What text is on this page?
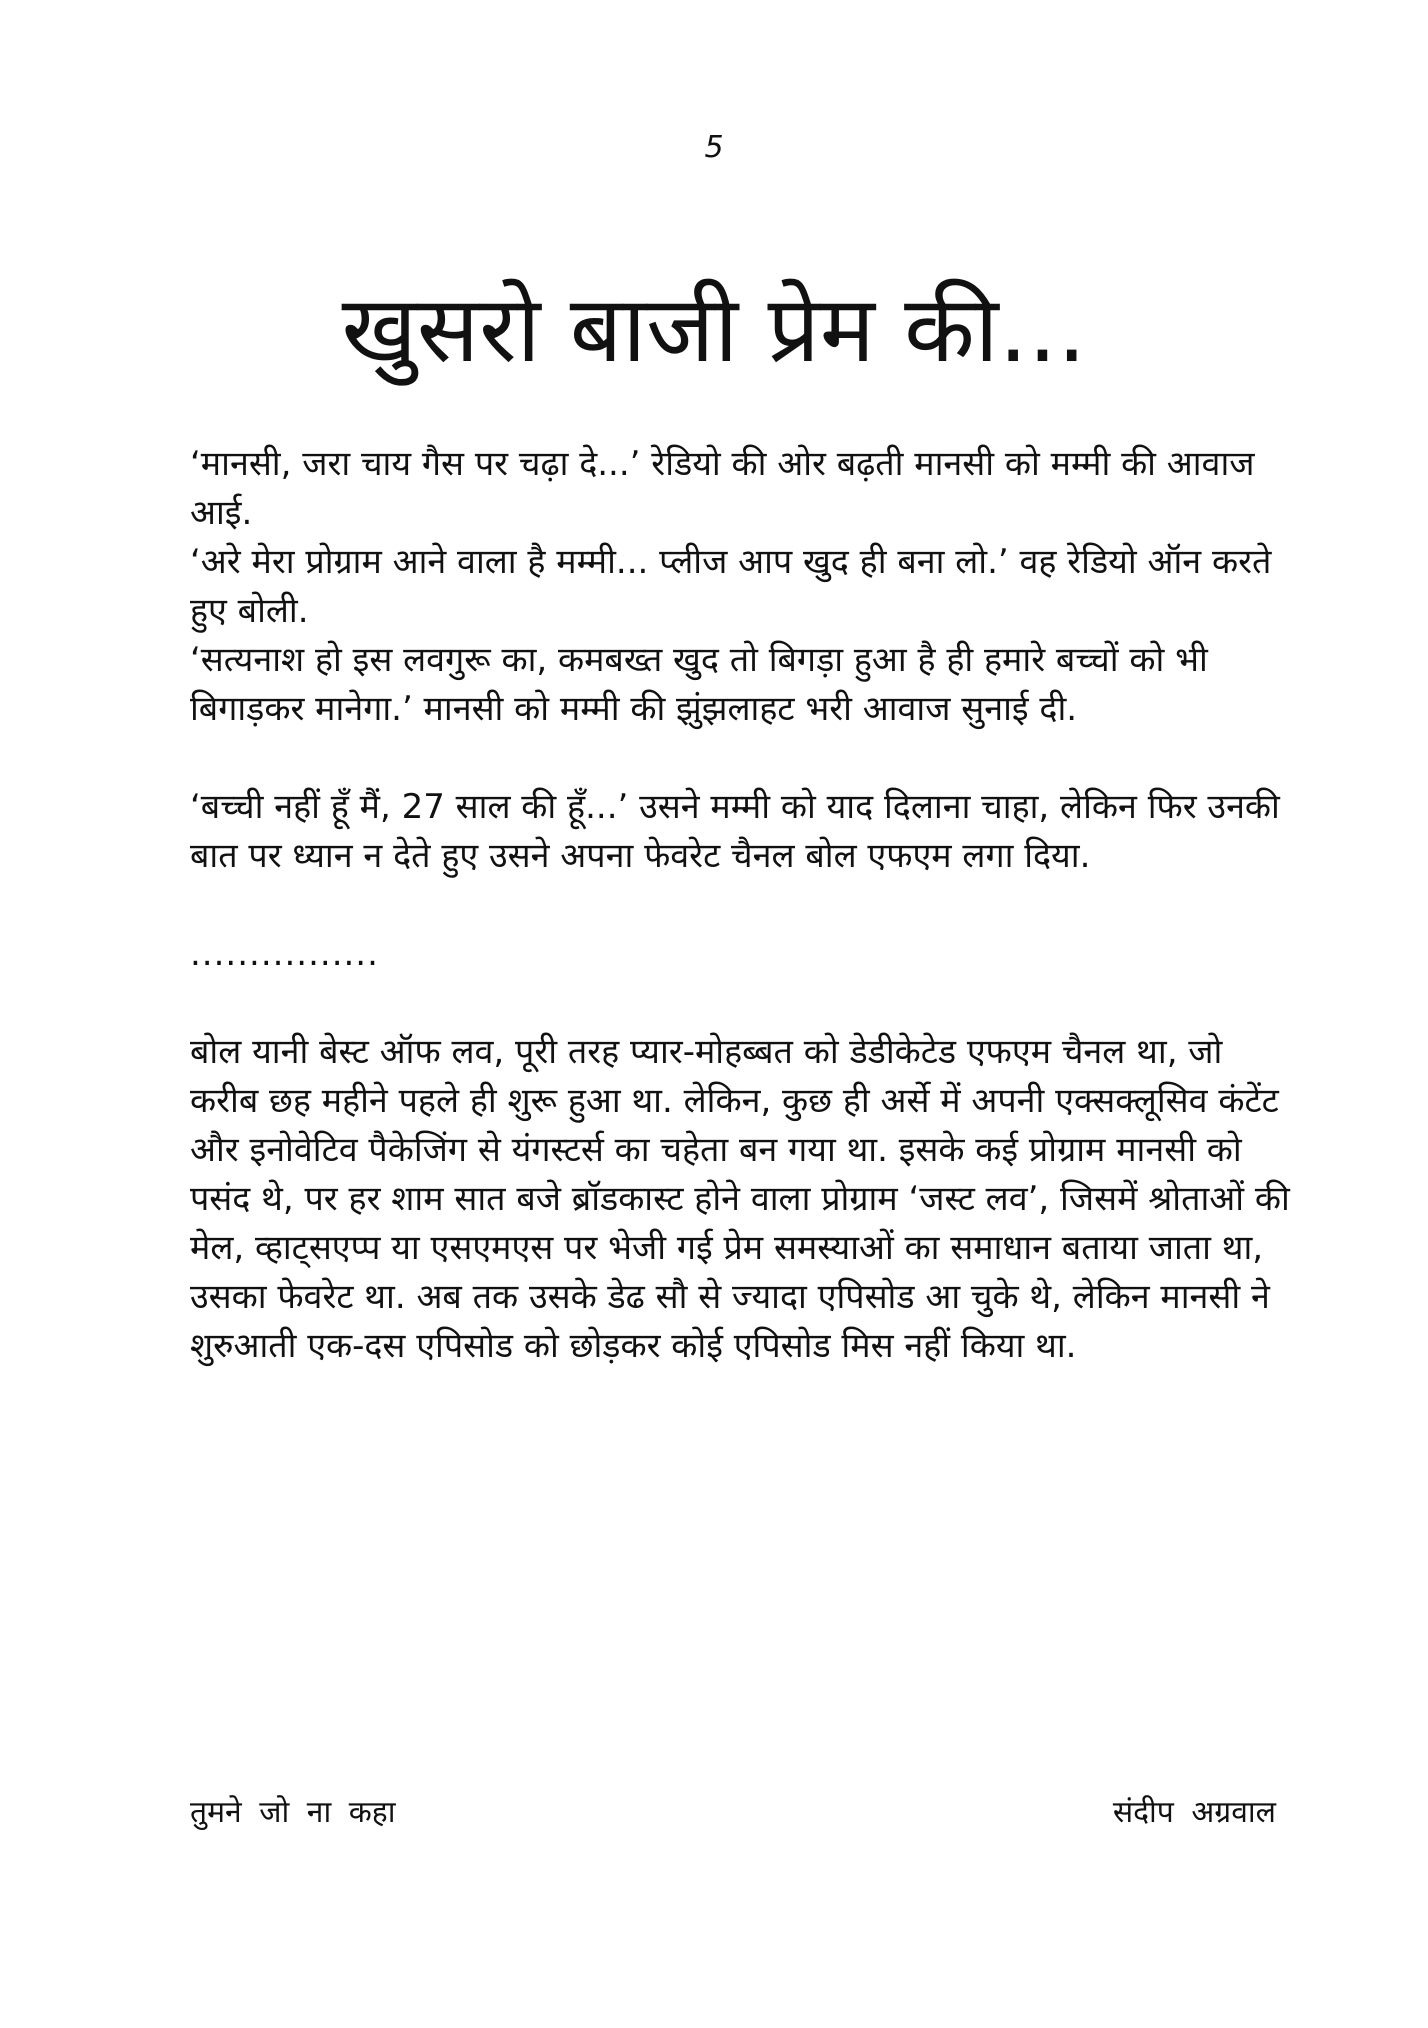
5
खुसरो बाजी प्रेम की...

‘मानसी, जरा चाय गैस पर चढ़ा दे...’ रेडियो की ओर बढ़ती मानसी को मम्मी की आवाज आई.

‘अरे मेरा प्रोग्राम आने वाला है मम्मी... प्लीज आप खुद ही बना लो.’ वह रेडियो ऑन करते हुए बोली.

‘सत्यनाश हो इस लवगुरू का, कमबख्त खुद तो बिगड़ा हुआ है ही हमारे बच्चों को भी बिगाड़कर मानेगा.’ मानसी को मम्मी की झुंझलाहट भरी आवाज सुनाई दी.

‘बच्ची नहीं हूँ मैं, 27 साल की हूँ...’ उसने मम्मी को याद दिलाना चाहा, लेकिन फिर उनकी बात पर ध्यान न देते हुए उसने अपना फेवरेट चैनल बोल एफएम लगा दिया.

................

बोल यानी बेस्ट ऑफ लव, पूरी तरह प्यार-मोहब्बत को डेडीकेटेड एफएम चैनल था, जो करीब छह महीने पहले ही शुरू हुआ था. लेकिन, कुछ ही अर्से में अपनी एक्सक्लूसिव कंटेंट और इनोवेटिव पैकेजिंग से यंगस्टर्स का चहेता बन गया था. इसके कई प्रोग्राम मानसी को पसंद थे, पर हर शाम सात बजे ब्रॉडकास्ट होने वाला प्रोग्राम ‘जस्ट लव’, जिसमें श्रोताओं की मेल, व्हाट्सएप्प या एसएमएस पर भेजी गई प्रेम समस्याओं का समाधान बताया जाता था, उसका फेवरेट था. अब तक उसके डेढ सौ से ज्यादा एपिसोड आ चुके थे, लेकिन मानसी ने शुरुआती एक-दस एपिसोड को छोड़कर कोई एपिसोड मिस नहीं किया था.

तुमने जो ना कहा	संदीप अग्रवाल
